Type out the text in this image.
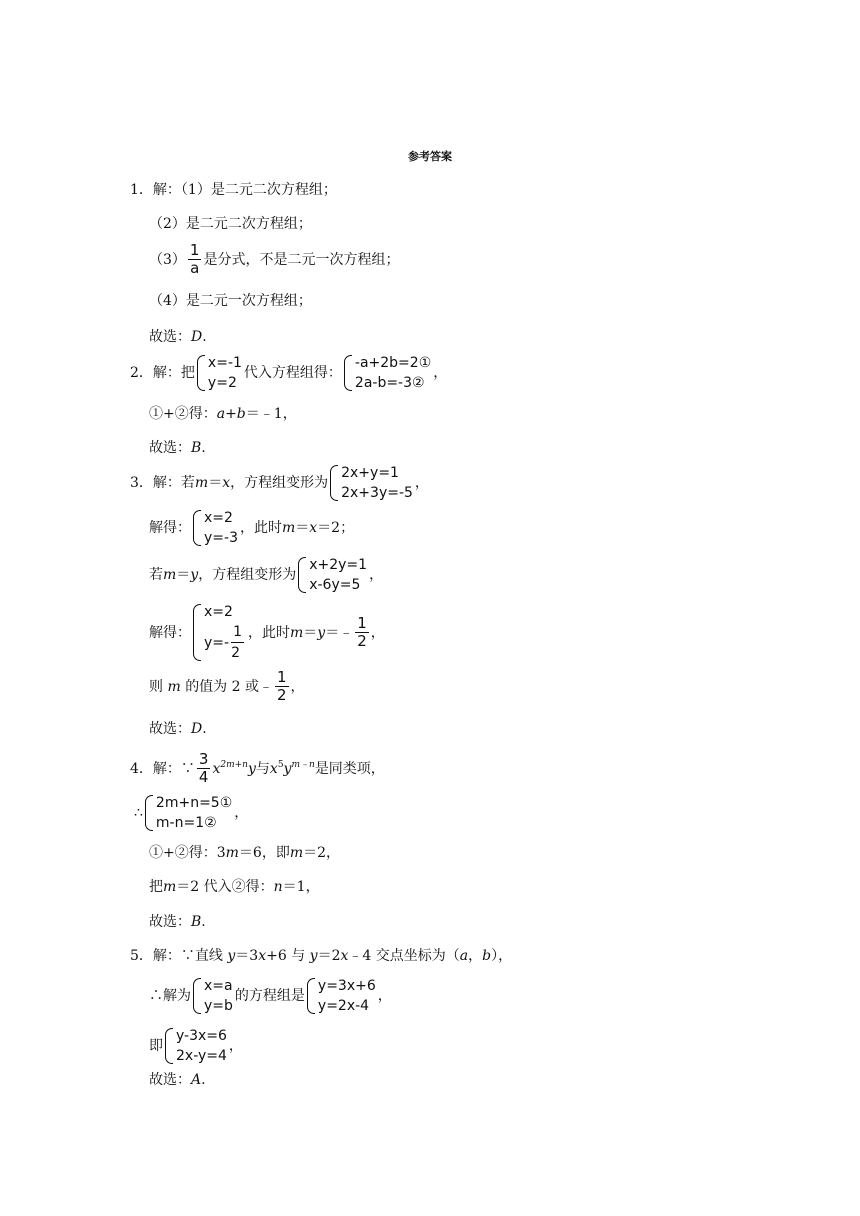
参考答案
1．解：（1）是二元二次方程组；
（2）是二元二次方程组；
$(3) \frac{1}{a}$ 是分式，不是二元一次方程组；
（4）是二元一次方程组；
故选： D .
2．解：把
x=-1
y=2
代入方程组得：
-a+2b=2①
2a-b=-3②
，
①+②得： a+b ＝﹣1，
故选： B .
3．解：若 m ＝ x ，方程组变形为
2x+y=1
2x+3y=-5
，
解得：
x=2
y=-3
，此时 m ＝ x ＝2；
若 m ＝ y ，方程组变形为
x+2y=1
x-6y=5
，
解得：
x=2
$y=- \frac{1}{2}$ ，此时 m ＝ y ＝﹣ $\frac{1}{2}$ ，
则
m
的值为 2 或﹣ $\frac{1}{2}$ ，
故选： D .
4．解：∵ $\frac{3}{4} x^{2m+n}$ y 与 $x^5$ $y^{m﹣n}$ 是同类项，
∴
2m+n=5①
m-n=1②
，
①+②得：3 m ＝6，即 m ＝2，
把 m ＝2 代入②得： n ＝1，
故选： B .
5．解：∵直线
y ＝3 x +6 与
y ＝2 x ﹣4 交点坐标为（ a ， b ），
∴解为
x=a
y=b
的方程组是
y=3x+6
y=2x-4
，
即
y-3x=6
2x-y=4
，
故选： A .
